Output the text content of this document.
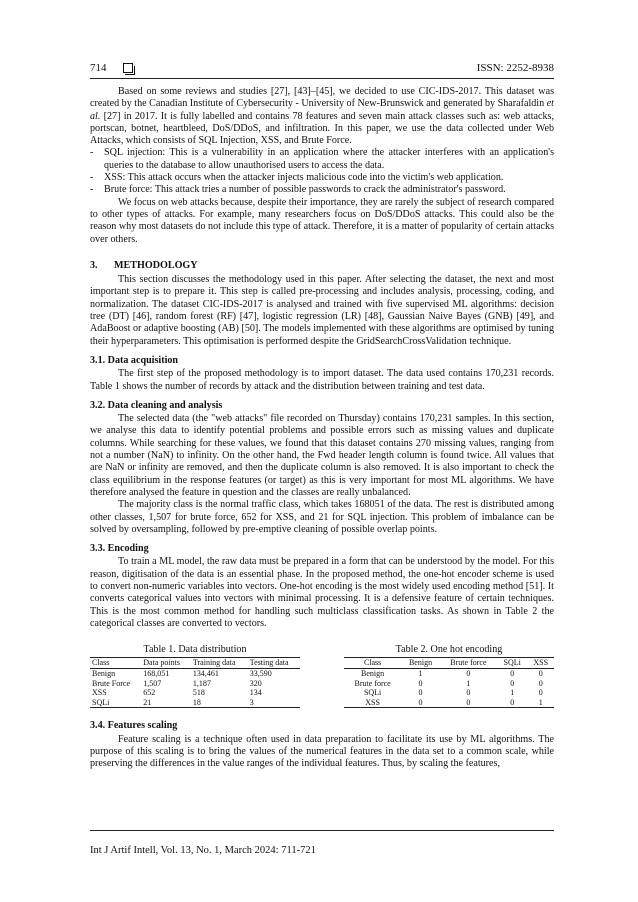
714	ISSN: 2252-8938

Based on some reviews and studies [27], [43]–[45], we decided to use CIC-IDS-2017. This dataset was created by the Canadian Institute of Cybersecurity - University of New-Brunswick and generated by Sharafaldin et al. [27] in 2017. It is fully labelled and contains 78 features and seven main attack classes such as: web attacks, portscan, botnet, heartbleed, DoS/DDoS, and infiltration. In this paper, we use the data collected under Web Attacks, which consists of SQL Injection, XSS, and Brute Force.

-	SQL injection: This is a vulnerability in an application where the attacker interferes with an application's queries to the database to allow unauthorised users to access the data.
-	XSS: This attack occurs when the attacker injects malicious code into the victim's web application.
-	Brute force: This attack tries a number of possible passwords to crack the administrator's password.

We focus on web attacks because, despite their importance, they are rarely the subject of research compared to other types of attacks. For example, many researchers focus on DoS/DDoS attacks. This could also be the reason why most datasets do not include this type of attack. Therefore, it is a matter of popularity of certain attacks over others.

3. METHODOLOGY

This section discusses the methodology used in this paper. After selecting the dataset, the next and most important step is to prepare it. This step is called pre-processing and includes analysis, processing, coding, and normalization. The dataset CIC-IDS-2017 is analysed and trained with five supervised ML algorithms: decision tree (DT) [46], random forest (RF) [47], logistic regression (LR) [48], Gaussian Naive Bayes (GNB) [49], and AdaBoost or adaptive boosting (AB) [50]. The models implemented with these algorithms are optimised by tuning their hyperparameters. This optimisation is performed despite the GridSearchCrossValidation technique.

3.1. Data acquisition

The first step of the proposed methodology is to import dataset. The data used contains 170,231 records. Table 1 shows the number of records by attack and the distribution between training and test data.

3.2. Data cleaning and analysis

The selected data (the "web attacks" file recorded on Thursday) contains 170,231 samples. In this section, we analyse this data to identify potential problems and possible errors such as missing values and duplicate columns. While searching for these values, we found that this dataset contains 270 missing values, ranging from not a number (NaN) to infinity. On the other hand, the Fwd header length column is found twice. All values that are NaN or infinity are removed, and then the duplicate column is also removed. It is also important to check the class equilibrium in the response features (or target) as this is very important for most ML algorithms. We have therefore analysed the feature in question and the classes are really unbalanced.

The majority class is the normal traffic class, which takes 168051 of the data. The rest is distributed among other classes, 1,507 for brute force, 652 for XSS, and 21 for SQL injection. This problem of imbalance can be solved by oversampling, followed by pre-emptive cleaning of possible overlap points.

3.3. Encoding

To train a ML model, the raw data must be prepared in a form that can be understood by the model. For this reason, digitisation of the data is an essential phase. In the proposed method, the one-hot encoder scheme is used to convert non-numeric variables into vectors. One-hot encoding is the most widely used encoding method [51]. It converts categorical values into vectors with minimal processing. It is a defensive feature of certain techniques. This is the most common method for handling such multiclass classification tasks. As shown in Table 2 the categorical classes are converted to vectors.

Table 1. Data distribution
Class	Data points	Training data	Testing data
Benign	168,051	134,461	33,590
Brute Force	1,507	1,187	320
XSS	652	518	134
SQLi	21	18	3
Table 2. One hot encoding
Class	Benign	Brute force	SQLi	XSS
Benign	1	0	0	0
Brute force	0	1	0	0
SQLi	0	0	1	0
XSS	0	0	0	1
3.4. Features scaling

Feature scaling is a technique often used in data preparation to facilitate its use by ML algorithms. The purpose of this scaling is to bring the values of the numerical features in the data set to a common scale, while preserving the differences in the value ranges of the individual features. Thus, by scaling the features,

Int J Artif Intell, Vol. 13, No. 1, March 2024: 711-721
